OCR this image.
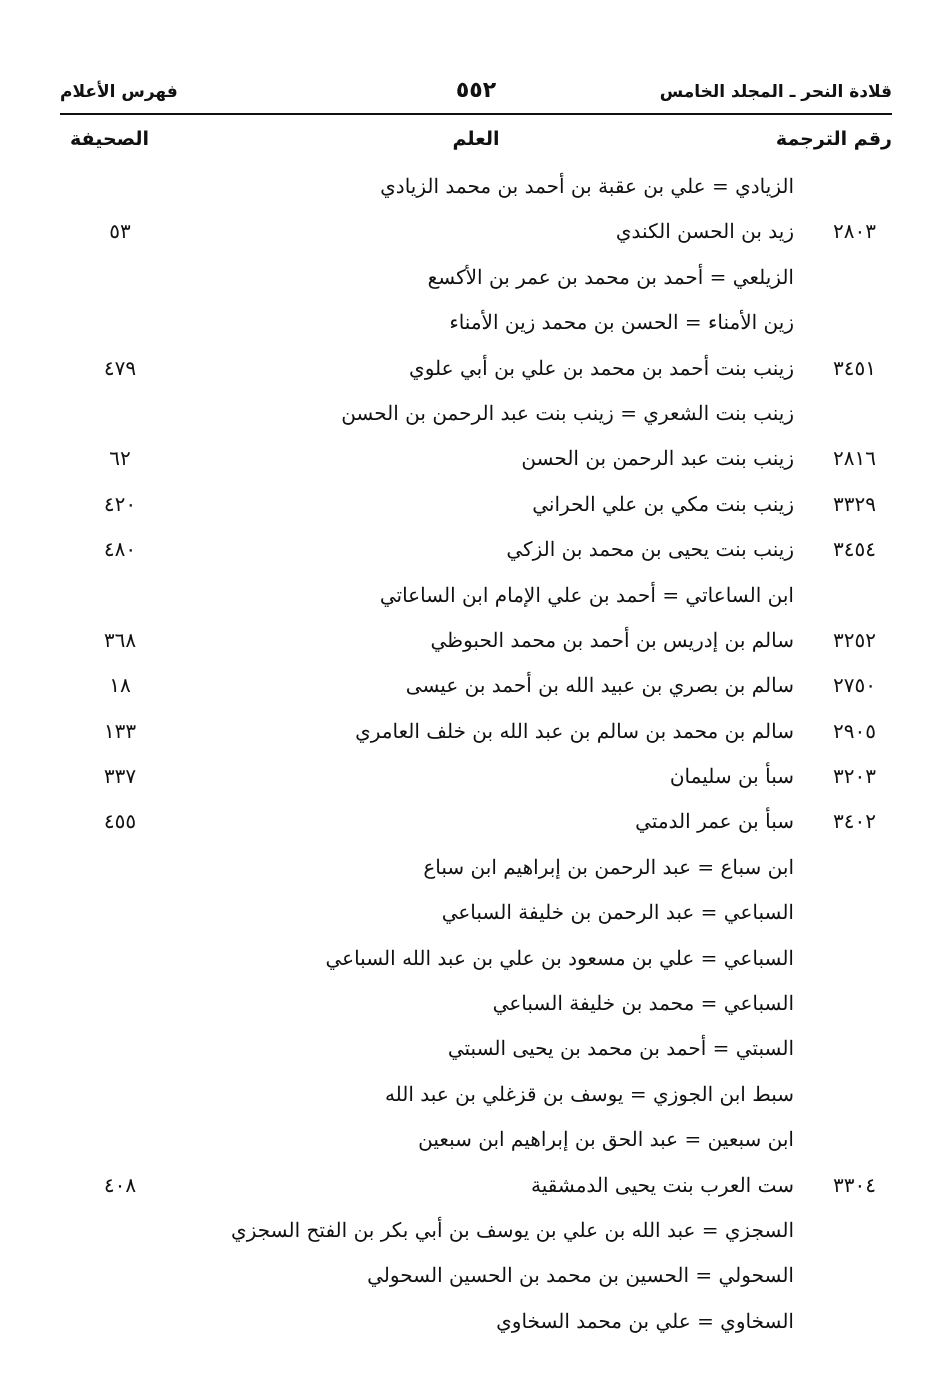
قلادة النحر ـ المجلد الخامس
٥٥٢
فهرس الأعلام
رقم الترجمة
العلم
الصحيفة
الزيادي = علي بن عقبة بن أحمد بن محمد الزيادي
٢٨٠٣
زيد بن الحسن الكندي
٥٣
الزيلعي = أحمد بن محمد بن عمر بن الأكسع
زين الأمناء = الحسن بن محمد زين الأمناء
٣٤٥١
زينب بنت أحمد بن محمد بن علي بن أبي علوي
٤٧٩
زينب بنت الشعري = زينب بنت عبد الرحمن بن الحسن
٢٨١٦
زينب بنت عبد الرحمن بن الحسن
٦٢
٣٣٢٩
زينب بنت مكي بن علي الحراني
٤٢٠
٣٤٥٤
زينب بنت يحيى بن محمد بن الزكي
٤٨٠
ابن الساعاتي = أحمد بن علي الإمام ابن الساعاتي
٣٢٥٢
سالم بن إدريس بن أحمد بن محمد الحبوظي
٣٦٨
٢٧٥٠
سالم بن بصري بن عبيد الله بن أحمد بن عيسى
١٨
٢٩٠٥
سالم بن محمد بن سالم بن عبد الله بن خلف العامري
١٣٣
٣٢٠٣
سبأ بن سليمان
٣٣٧
٣٤٠٢
سبأ بن عمر الدمتي
٤٥٥
ابن سباع = عبد الرحمن بن إبراهيم ابن سباع
السباعي = عبد الرحمن بن خليفة السباعي
السباعي = علي بن مسعود بن علي بن عبد الله السباعي
السباعي = محمد بن خليفة السباعي
السبتي = أحمد بن محمد بن يحيى السبتي
سبط ابن الجوزي = يوسف بن قزغلي بن عبد الله
ابن سبعين = عبد الحق بن إبراهيم ابن سبعين
٣٣٠٤
ست العرب بنت يحيى الدمشقية
٤٠٨
السجزي = عبد الله بن علي بن يوسف بن أبي بكر بن الفتح السجزي
السحولي = الحسين بن محمد بن الحسين السحولي
السخاوي = علي بن محمد السخاوي
